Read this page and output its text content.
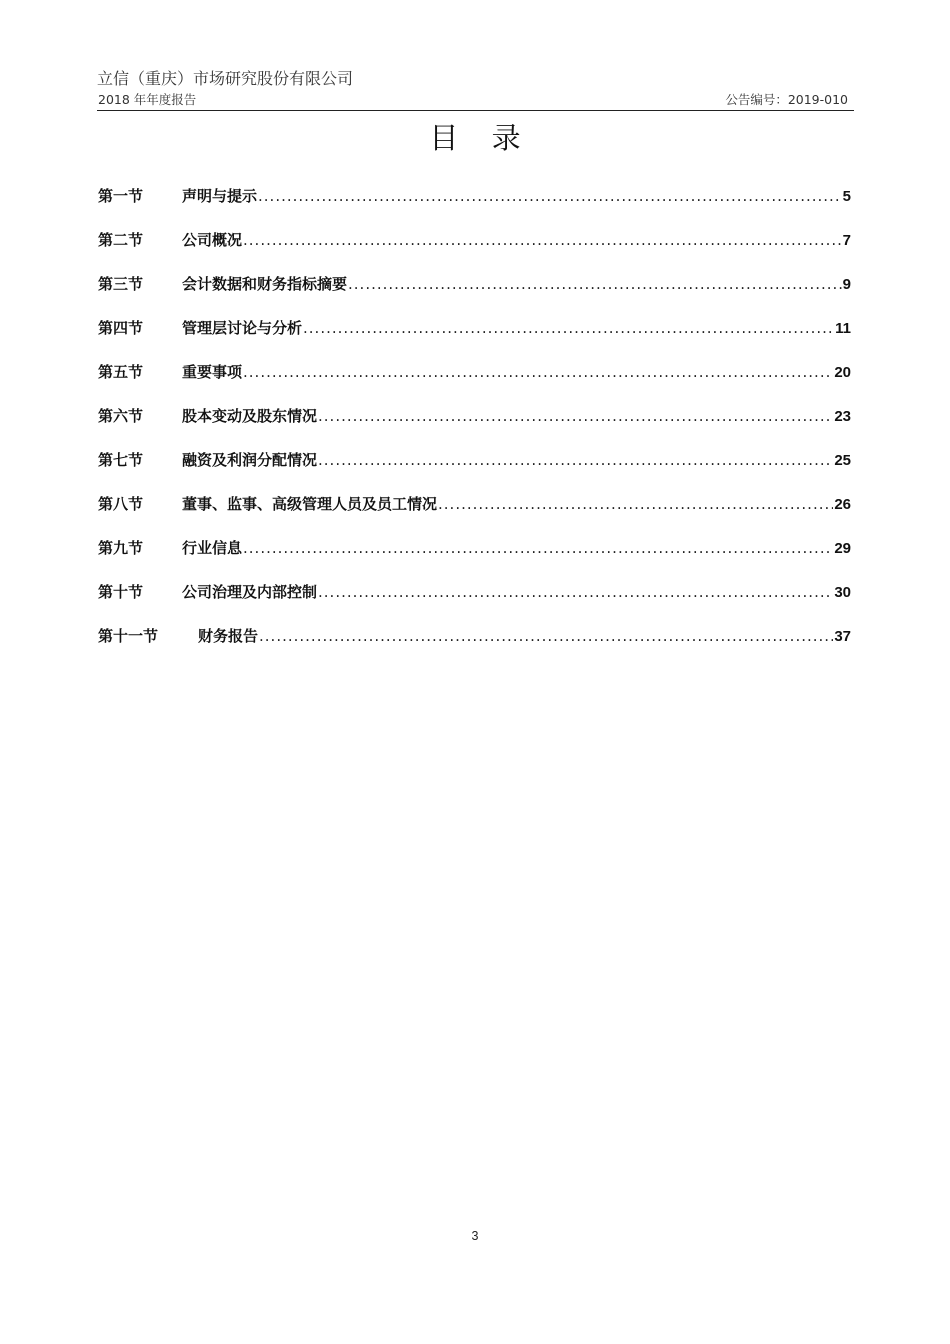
立信（重庆）市场研究股份有限公司
2018 年年度报告	公告编号：2019-010
目 录
第一节	声明与提示 .....	5
第二节	公司概况 .....	7
第三节	会计数据和财务指标摘要 .....	9
第四节	管理层讨论与分析 .....	11
第五节	重要事项 .....	20
第六节	股本变动及股东情况 .....	23
第七节	融资及利润分配情况 .....	25
第八节	董事、监事、高级管理人员及员工情况 .....	26
第九节	行业信息 .....	29
第十节	公司治理及内部控制 .....	30
第十一节	财务报告 .....	37
3
